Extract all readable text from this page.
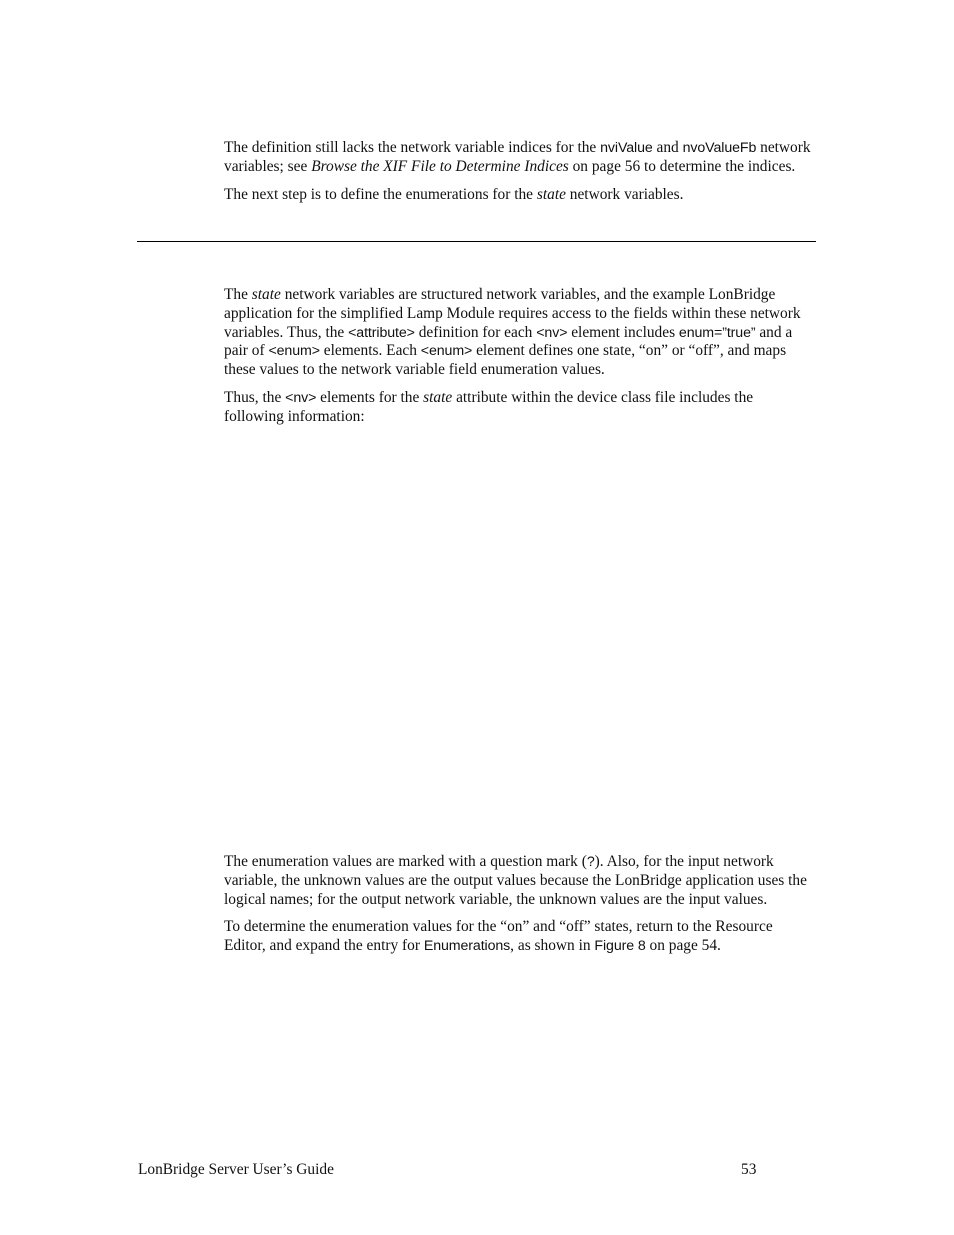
The definition still lacks the network variable indices for the nviValue and nvoValueFb network variables; see Browse the XIF File to Determine Indices on page 56 to determine the indices.

The next step is to define the enumerations for the state network variables.

The state network variables are structured network variables, and the example LonBridge application for the simplified Lamp Module requires access to the fields within these network variables. Thus, the <attribute> definition for each <nv> element includes enum=”true” and a pair of <enum> elements. Each <enum> element defines one state, “on” or “off”, and maps these values to the network variable field enumeration values.

Thus, the <nv> elements for the state attribute within the device class file includes the following information:

The enumeration values are marked with a question mark (?). Also, for the input network variable, the unknown values are the output values because the LonBridge application uses the logical names; for the output network variable, the unknown values are the input values.

To determine the enumeration values for the “on” and “off” states, return to the Resource Editor, and expand the entry for Enumerations, as shown in Figure 8 on page 54.

LonBridge Server User’s Guide	53
